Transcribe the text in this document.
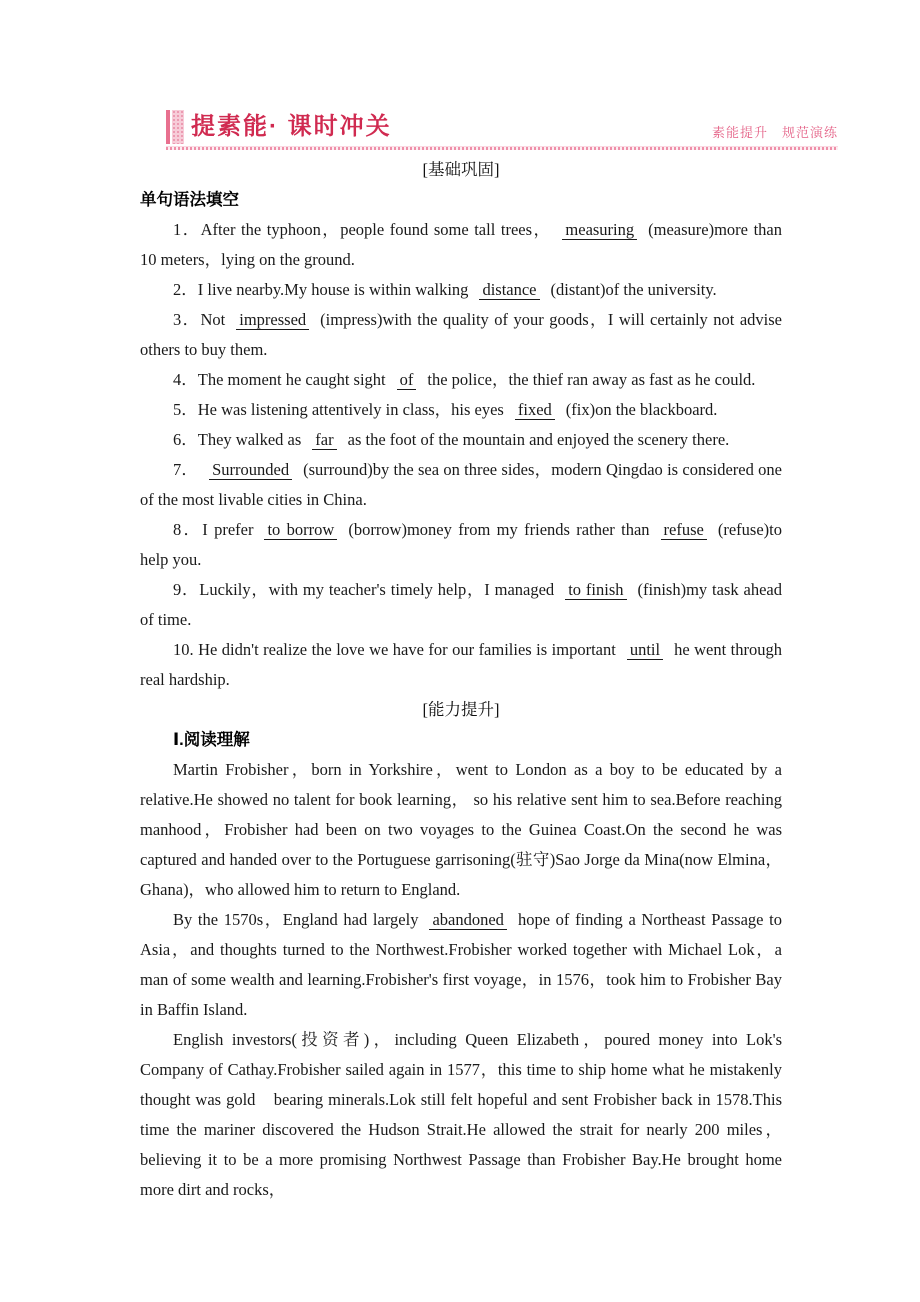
提素能· 课时冲关	素能提升　规范演练

[基础巩固]

单句语法填空

1．After the typhoon，people found some tall trees， measuring (measure)more than 10 meters，lying on the ground.

2．I live nearby.My house is within walking distance (distant)of the university.

3．Not impressed (impress)with the quality of your goods，I will certainly not advise others to buy them.

4．The moment he caught sight of the police，the thief ran away as fast as he could.

5．He was listening attentively in class，his eyes fixed (fix)on the blackboard.

6．They walked as far as the foot of the mountain and enjoyed the scenery there.

7． Surrounded (surround)by the sea on three sides，modern Qingdao is considered one of the most livable cities in China.

8．I prefer to borrow (borrow)money from my friends rather than refuse (refuse)to help you.

9．Luckily，with my teacher's timely help，I managed to finish (finish)my task ahead of time.

10. He didn't realize the love we have for our families is important until he went through real hardship.

[能力提升]

Ⅰ.阅读理解

Martin Frobisher，born in Yorkshire，went to London as a boy to be educated by a relative.He showed no talent for book learning， so his relative sent him to sea.Before reaching manhood，Frobisher had been on two voyages to the Guinea Coast.On the second he was captured and handed over to the Portuguese garrisoning(驻守)Sao Jorge da Mina(now Elmina，Ghana)，who allowed him to return to England.

By the 1570s，England had largely abandoned hope of finding a Northeast Passage to Asia，and thoughts turned to the Northwest.Frobisher worked together with Michael Lok，a man of some wealth and learning.Frobisher's first voyage，in 1576，took him to Frobisher Bay in Baffin Island.

English investors(投资者)，including Queen Elizabeth，poured money into Lok's Company of Cathay.Frobisher sailed again in 1577，this time to ship home what he mistakenly thought was gold　bearing minerals.Lok still felt hopeful and sent Frobisher back in 1578.This time the mariner discovered the Hudson Strait.He allowed the strait for nearly 200 miles，believing it to be a more promising Northwest Passage than Frobisher Bay.He brought home more dirt and rocks，
